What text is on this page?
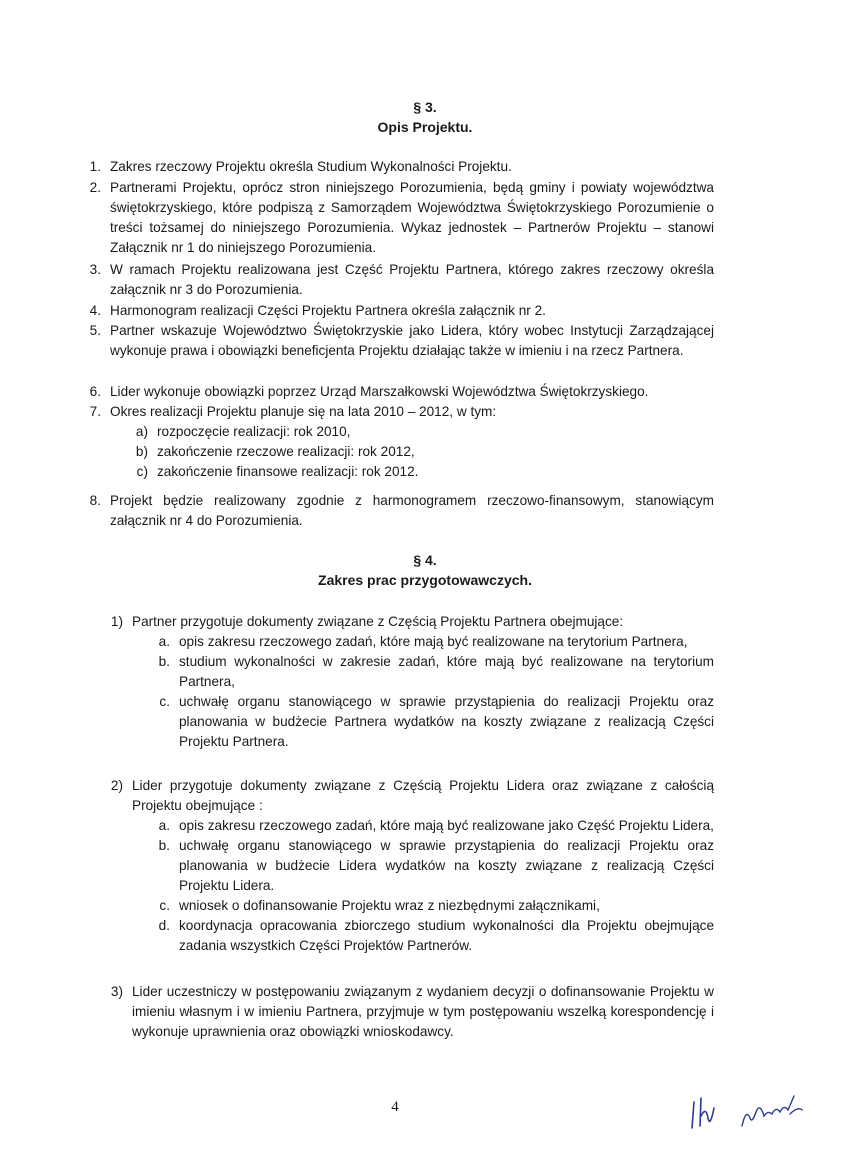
§ 3.
Opis Projektu.
1. Zakres rzeczowy Projektu określa Studium Wykonalności Projektu.
2. Partnerami Projektu, oprócz stron niniejszego Porozumienia, będą gminy i powiaty województwa świętokrzyskiego, które podpiszą z Samorządem Województwa Świętokrzyskiego Porozumienie o treści tożsamej do niniejszego Porozumienia. Wykaz jednostek – Partnerów Projektu – stanowi Załącznik nr 1 do niniejszego Porozumienia.
3. W ramach Projektu realizowana jest Część Projektu Partnera, którego zakres rzeczowy określa załącznik nr 3 do Porozumienia.
4. Harmonogram realizacji Części Projektu Partnera określa załącznik nr 2.
5. Partner wskazuje Województwo Świętokrzyskie jako Lidera, który wobec Instytucji Zarządzającej wykonuje prawa i obowiązki beneficjenta Projektu działając także w imieniu i na rzecz Partnera.
6. Lider wykonuje obowiązki poprzez Urząd Marszałkowski Województwa Świętokrzyskiego.
7. Okres realizacji Projektu planuje się na lata 2010 – 2012, w tym:
a) rozpoczęcie realizacji: rok 2010,
b) zakończenie rzeczowe realizacji: rok 2012,
c) zakończenie finansowe realizacji: rok 2012.
8. Projekt będzie realizowany zgodnie z harmonogramem rzeczowo-finansowym, stanowiącym załącznik nr 4 do Porozumienia.
§ 4.
Zakres prac przygotowawczych.
1) Partner przygotuje dokumenty związane z Częścią Projektu Partnera obejmujące:
a. opis zakresu rzeczowego zadań, które mają być realizowane na terytorium Partnera,
b. studium wykonalności w zakresie zadań, które mają być realizowane na terytorium Partnera,
c. uchwałę organu stanowiącego w sprawie przystąpienia do realizacji Projektu oraz planowania w budżecie Partnera wydatków na koszty związane z realizacją Części Projektu Partnera.
2) Lider przygotuje dokumenty związane z Częścią Projektu Lidera oraz związane z całością Projektu obejmujące :
a. opis zakresu rzeczowego zadań, które mają być realizowane jako Część Projektu Lidera,
b. uchwałę organu stanowiącego w sprawie przystąpienia do realizacji Projektu oraz planowania w budżecie Lidera wydatków na koszty związane z realizacją Części Projektu Lidera.
c. wniosek o dofinansowanie Projektu wraz z niezbędnymi załącznikami,
d. koordynacja opracowania zbiorczego studium wykonalności dla Projektu obejmujące zadania wszystkich Części Projektów Partnerów.
3) Lider uczestniczy w postępowaniu związanym z wydaniem decyzji o dofinansowanie Projektu w imieniu własnym i w imieniu Partnera, przyjmuje w tym postępowaniu wszelką korespondencję i wykonuje uprawnienia oraz obowiązki wnioskodawcy.
4
